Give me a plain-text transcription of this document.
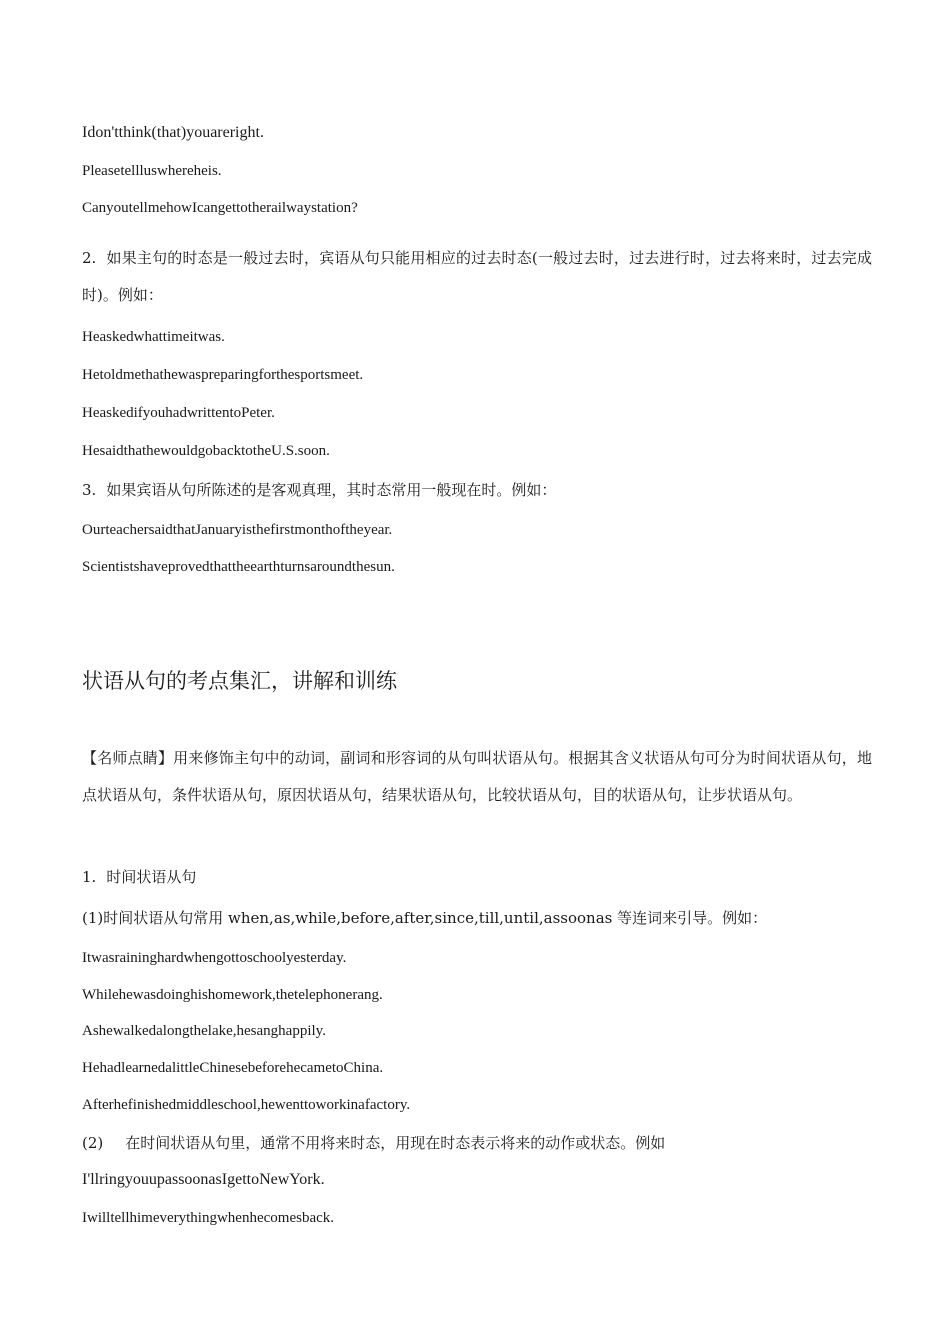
Idon'tthink(that)youareright.
Pleasetellluswhereheis.
CanyoutellmehowIcangettotherailwaystation?

2. 如果主句的时态是一般过去时，宾语从句只能用相应的过去时态(一般过去时，过去进行时，过去将来时，过去完成时)。例如：

Heaskedwhattimeitwas.
Hetoldmethathewaspreparingforthesportsmeet.
HeaskedifyouhadwrittentoPeter.
HesaidthathewouldgobacktotheU.S.soon.
3. 如果宾语从句所陈述的是客观真理，其时态常用一般现在时。例如：
OurteachersaidthatJanuaryisthefirstmonthoftheyear.
Scientistshaveprovedthattheearthturnsaroundthesun.
状语从句的考点集汇，讲解和训练

【名师点睛】用来修饰主句中的动词，副词和形容词的从句叫状语从句。根据其含义状语从句可分为时间状语从句，地点状语从句，条件状语从句，原因状语从句，结果状语从句，比较状语从句，目的状语从句，让步状语从句。

1. 时间状语从句
(1)时间状语从句常用 when,as,while,before,after,since,till,until,assoonas 等连词来引导。例如：
Itwasraininghardwhengottoschoolyesterday.
Whilehewasdoinghishomework,thetelephonerang.
Ashewalkedalongthelake,hesanghappily.
HehadlearnedalittleChinesebeforehecametoChina.
Afterhefinishedmiddleschool,hewenttoworkinafactory.
(2) 在时间状语从句里，通常不用将来时态，用现在时态表示将来的动作或状态。例如
I'llringyouupassoonasIgettoNewYork.
Iwilltellhimeverythingwhenhecomesback.
